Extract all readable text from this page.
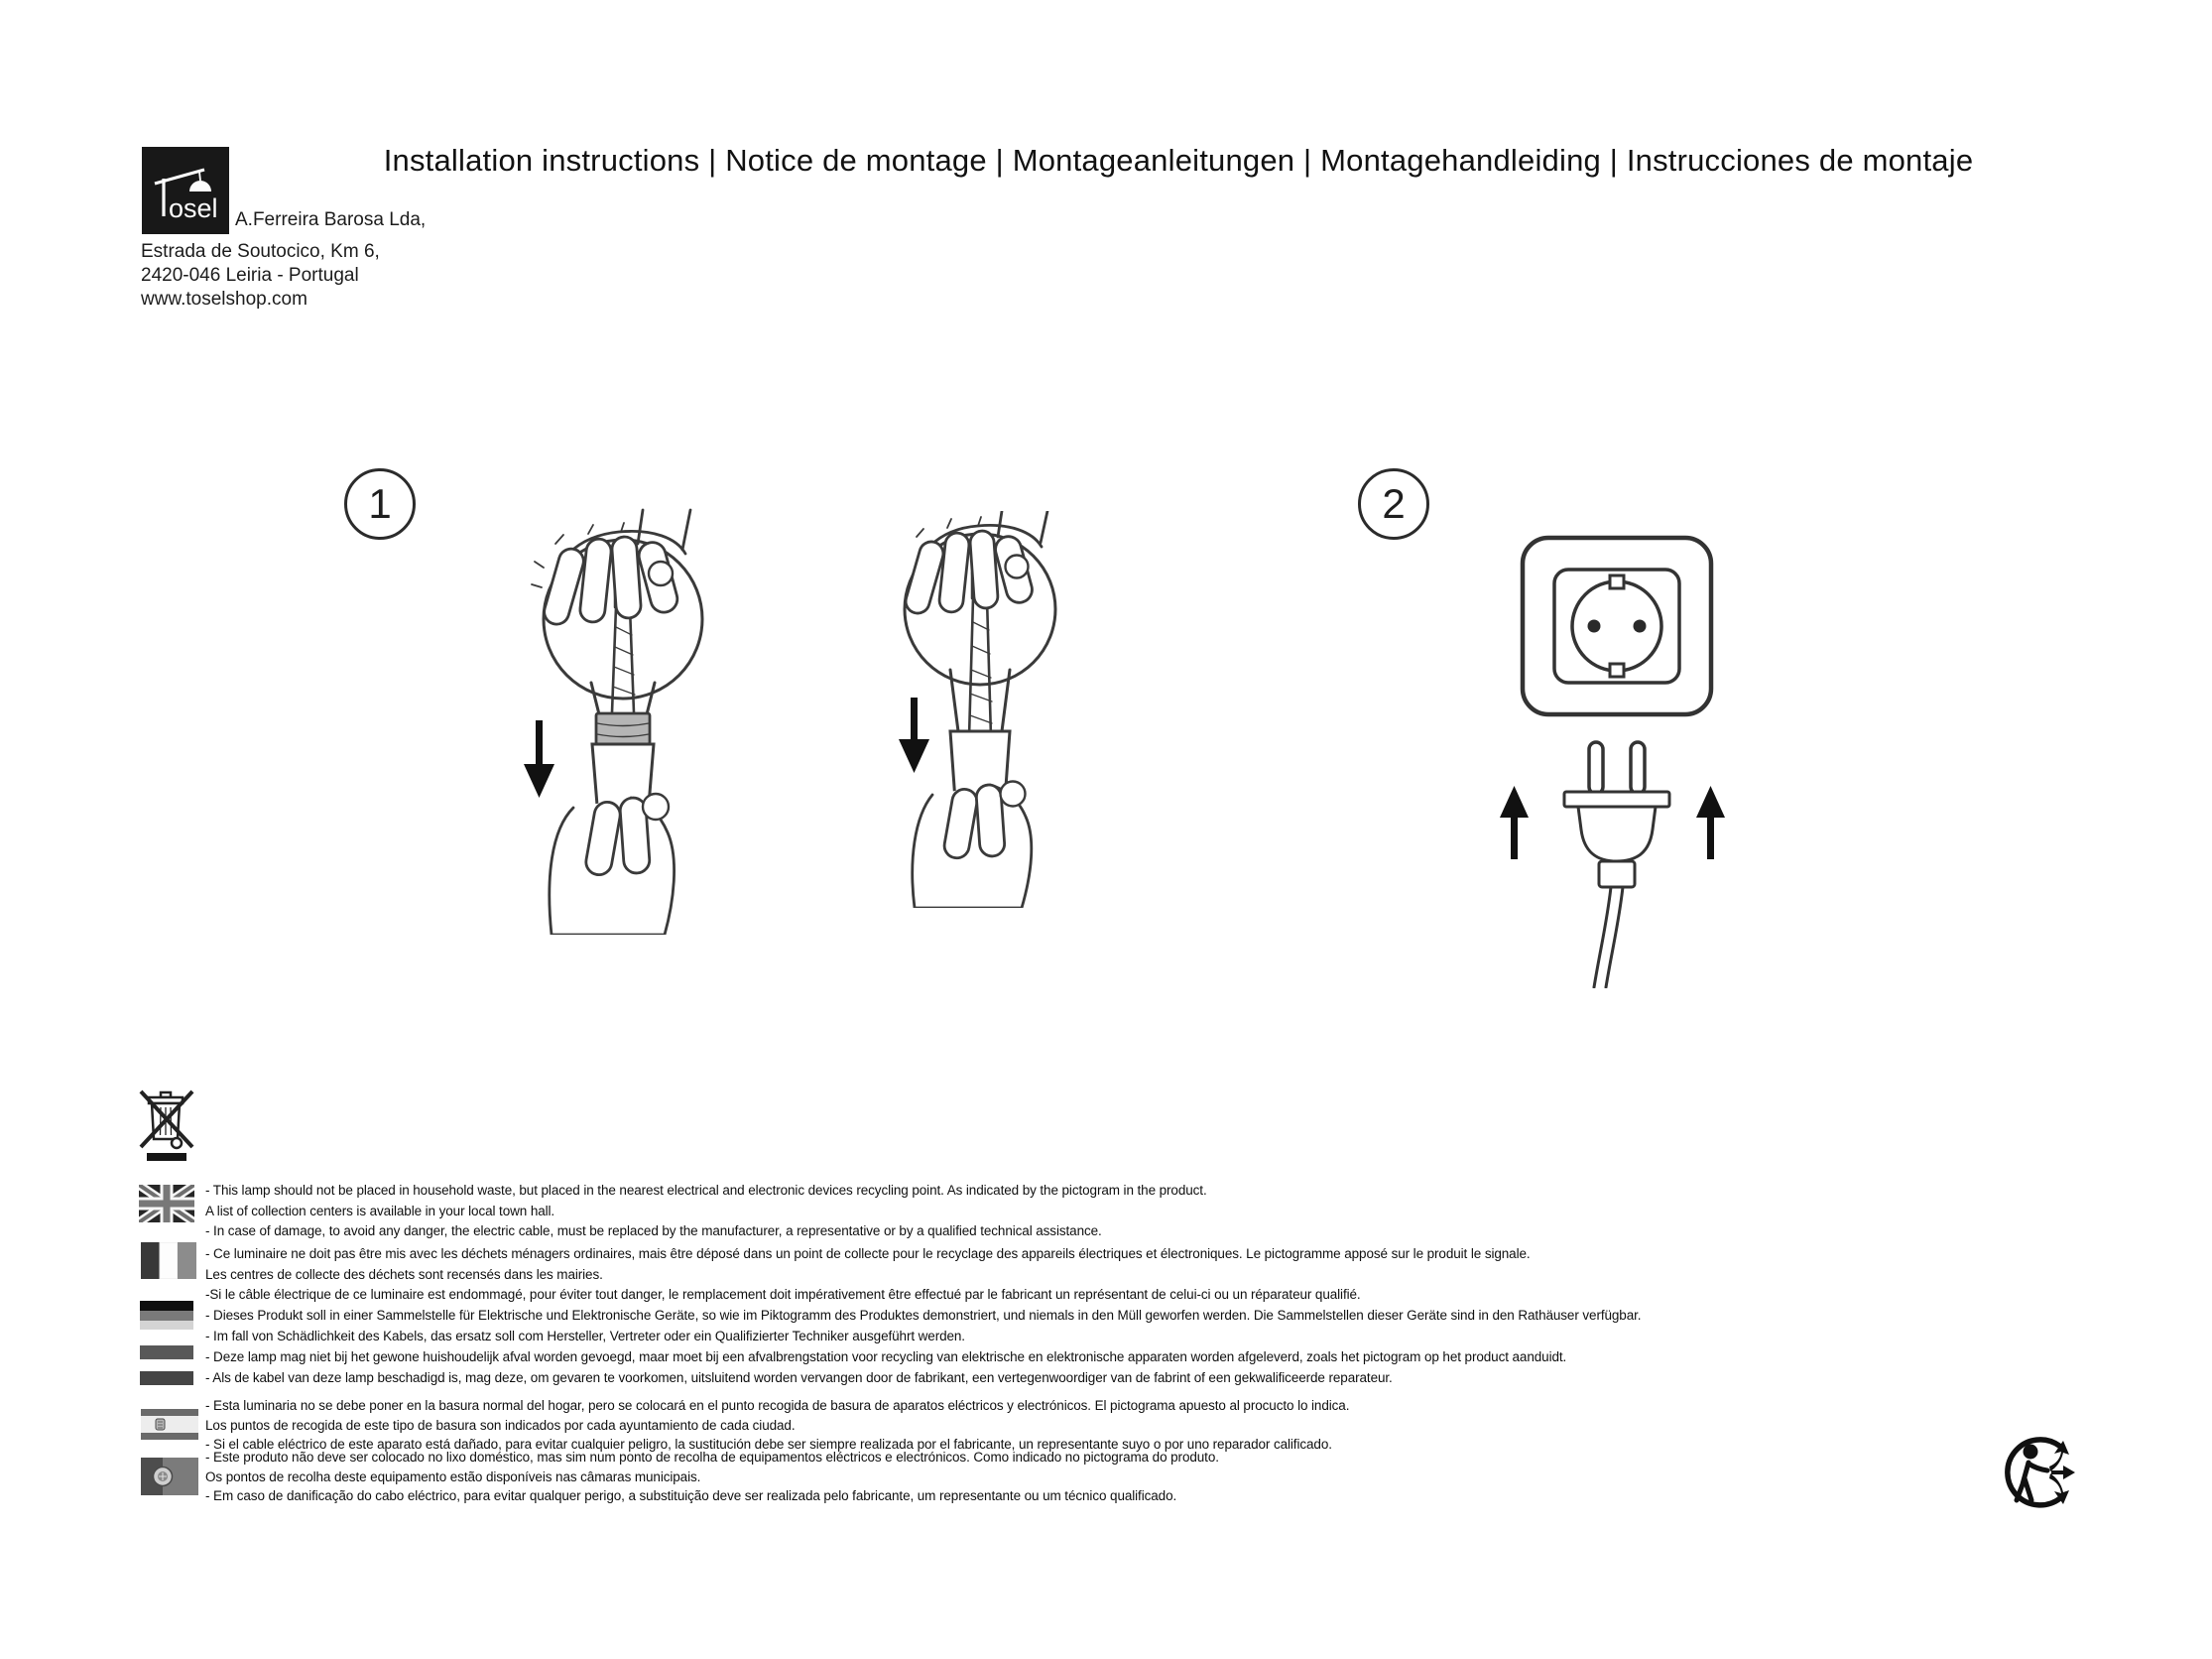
Installation instructions | Notice de montage | Montageanleitungen | Montagehandleiding | Instrucciones de montaje
osel A.Ferreira Barosa Lda,
Estrada de Soutocico, Km 6,
2420-046 Leiria - Portugal
www.toselshop.com
1	2
- This lamp should not be placed in household waste, but placed in the nearest electrical and electronic devices recycling point. As indicated by the pictogram in the product.
A list of collection centers is available in your local town hall.
- In case of damage, to avoid any danger, the electric cable, must be replaced by the manufacturer, a representative or by a qualified technical assistance.
- Ce luminaire ne doit pas être mis avec les déchets ménagers ordinaires, mais être déposé dans un point de collecte pour le recyclage des appareils électriques et électroniques. Le pictogramme apposé sur le produit le signale.
Les centres de collecte des déchets sont recensés dans les mairies.
-Si le câble électrique de ce luminaire est endommagé, pour éviter tout danger, le remplacement doit impérativement être effectué par le fabricant un représentant de celui-ci ou un réparateur qualifié.
- Dieses Produkt soll in einer Sammelstelle für Elektrische und Elektronische Geräte, so wie im Piktogramm des Produktes demonstriert, und niemals in den Müll geworfen werden. Die Sammelstellen dieser Geräte sind in den Rathäuser verfügbar.
- Im fall von Schädlichkeit des Kabels, das ersatz soll com Hersteller, Vertreter oder ein Qualifizierter Techniker ausgeführt werden.
- Deze lamp mag niet bij het gewone huishoudelijk afval worden gevoegd, maar moet bij een afvalbrengstation voor recycling van elektrische en elektronische apparaten worden afgeleverd, zoals het pictogram op het product aanduidt.
- Als de kabel van deze lamp beschadigd is, mag deze, om gevaren te voorkomen, uitsluitend worden vervangen door de fabrikant, een vertegenwoordiger van de fabrint of een gekwalificeerde reparateur.
- Esta luminaria no se debe poner en la basura normal del hogar, pero se colocará en el punto recogida de basura de aparatos eléctricos y electrónicos. El pictograma apuesto al procucto lo indica.
Los puntos de recogida de este tipo de basura son indicados por cada ayuntamiento de cada ciudad.
- Si el cable eléctrico de este aparato está dañado, para evitar cualquier peligro, la sustitución debe ser siempre realizada por el fabricante, un representante suyo o por uno reparador calificado.
- Este produto não deve ser colocado no lixo doméstico, mas sim num ponto de recolha de equipamentos eléctricos e electrónicos. Como indicado no pictograma do produto.
Os pontos de recolha deste equipamento estão disponíveis nas câmaras municipais.
- Em caso de danificação do cabo eléctrico, para evitar qualquer perigo, a substituição deve ser realizada pelo fabricante, um representante ou um técnico qualificado.
